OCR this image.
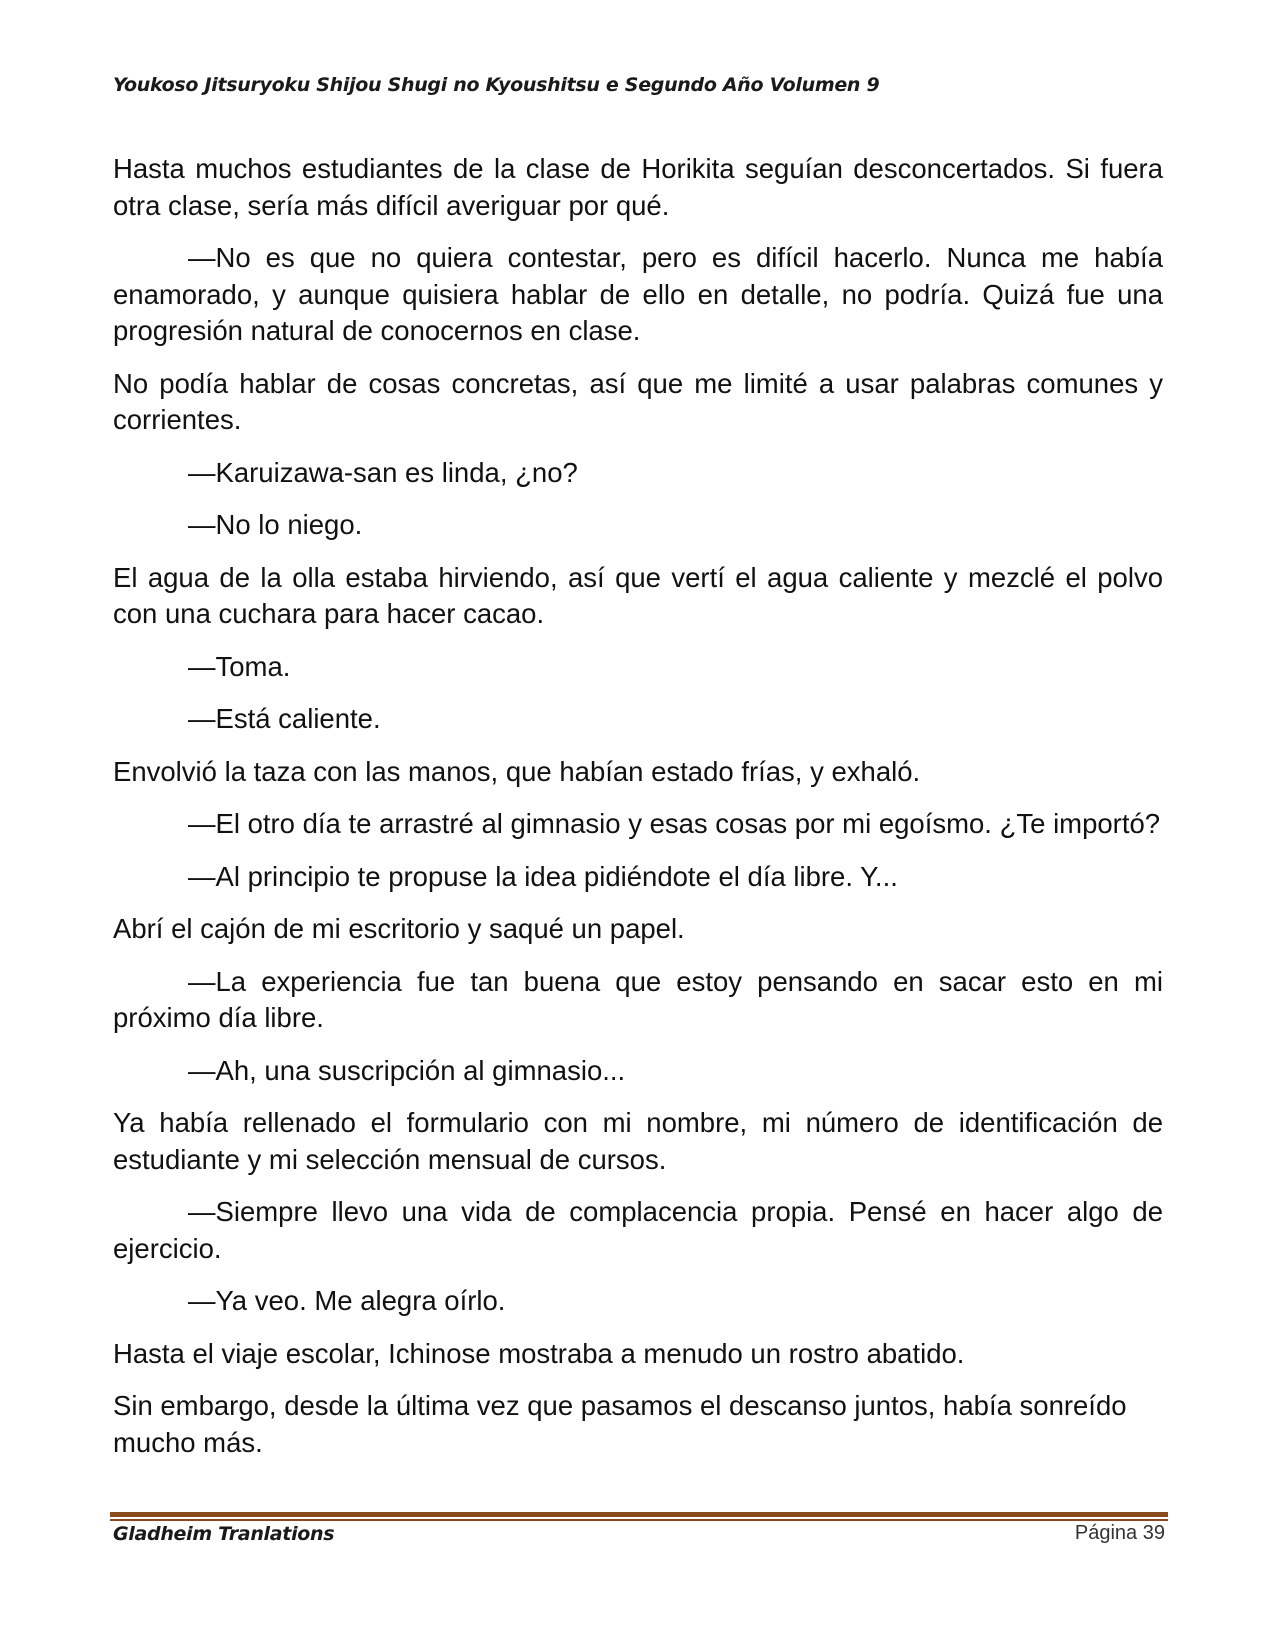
Youkoso Jitsuryoku Shijou Shugi no Kyoushitsu e Segundo Año Volumen 9

Hasta muchos estudiantes de la clase de Horikita seguían desconcertados. Si fuera otra clase, sería más difícil averiguar por qué.

—No es que no quiera contestar, pero es difícil hacerlo. Nunca me había enamorado, y aunque quisiera hablar de ello en detalle, no podría. Quizá fue una progresión natural de conocernos en clase.

No podía hablar de cosas concretas, así que me limité a usar palabras comunes y corrientes.

—Karuizawa-san es linda, ¿no?

—No lo niego.

El agua de la olla estaba hirviendo, así que vertí el agua caliente y mezclé el polvo con una cuchara para hacer cacao.

—Toma.

—Está caliente.

Envolvió la taza con las manos, que habían estado frías, y exhaló.

—El otro día te arrastré al gimnasio y esas cosas por mi egoísmo. ¿Te importó?

—Al principio te propuse la idea pidiéndote el día libre. Y...

Abrí el cajón de mi escritorio y saqué un papel.

—La experiencia fue tan buena que estoy pensando en sacar esto en mi próximo día libre.

—Ah, una suscripción al gimnasio...

Ya había rellenado el formulario con mi nombre, mi número de identificación de estudiante y mi selección mensual de cursos.

—Siempre llevo una vida de complacencia propia. Pensé en hacer algo de ejercicio.

—Ya veo. Me alegra oírlo.

Hasta el viaje escolar, Ichinose mostraba a menudo un rostro abatido.

Sin embargo, desde la última vez que pasamos el descanso juntos, había sonreído mucho más.

Gladheim Tranlations	Página 39
